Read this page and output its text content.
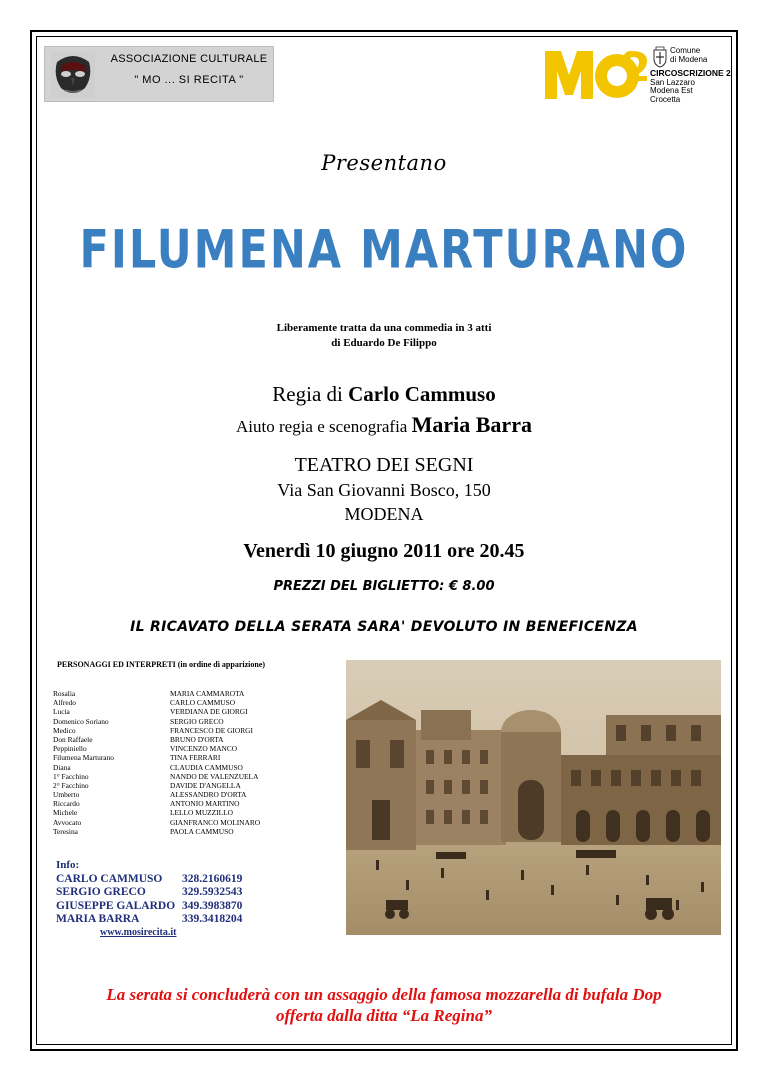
ASSOCIAZIONE CULTURALE
" MO ... SI RECITA "
Comune
di Modena
CIRCOSCRIZIONE 2
San Lazzaro
Modena Est
Crocetta
Presentano
FILUMENA MARTURANO
Liberamente tratta da una commedia in 3 atti
di Eduardo De Filippo
Regia di Carlo Cammuso
Aiuto regia e scenografia Maria Barra
TEATRO DEI SEGNI
Via San Giovanni Bosco, 150
MODENA
Venerdì 10 giugno 2011 ore 20.45
PREZZI DEL BIGLIETTO: € 8.00
IL RICAVATO DELLA SERATA SARA' DEVOLUTO IN BENEFICENZA
PERSONAGGI ED INTERPRETI (in ordine di apparizione)
Rosalia	MARIA CAMMAROTA
Alfredo	CARLO CAMMUSO
Lucia	VERDIANA DE GIORGI
Domenico Soriano	SERGIO GRECO
Medico	FRANCESCO DE GIORGI
Don Raffaele	BRUNO D'ORTA
Peppiniello	VINCENZO MANCO
Filumena Marturano	TINA FERRARI
Diana	CLAUDIA CAMMUSO
1° Facchino	NANDO DE VALENZUELA
2° Facchino	DAVIDE D'ANGELLA
Umberto	ALESSANDRO D'ORTA
Riccardo	ANTONIO MARTINO
Michele	LELLO MUZZILLO
Avvocato	GIANFRANCO MOLINARO
Teresina	PAOLA CAMMUSO
Info:
CARLO CAMMUSO	328.2160619
SERGIO GRECO	329.5932543
GIUSEPPE GALARDO 349.3983870
MARIA BARRA	339.3418204
www.mosirecita.it
La serata si concluderà con un assaggio della famosa mozzarella di bufala Dop
offerta dalla ditta “La Regina”
